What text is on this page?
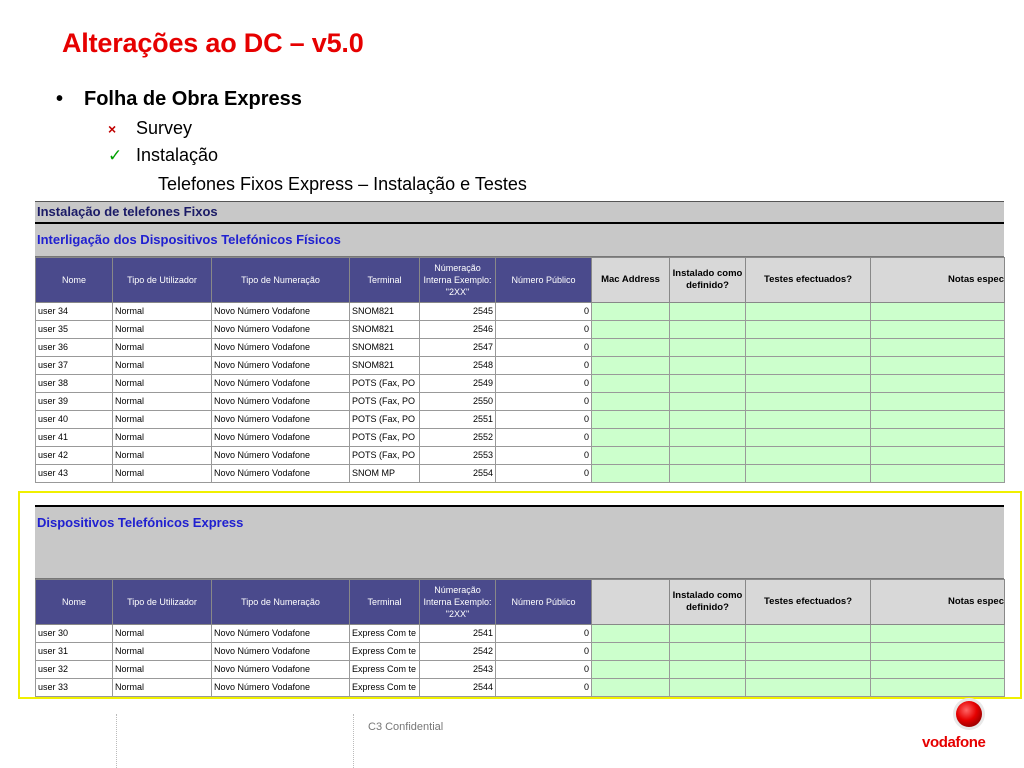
Alterações ao DC – v5.0
•	Folha de Obra Express
×	Survey
✓ Instalação
Telefones Fixos Express – Instalação e Testes
Instalação de telefones Fixos
Interligação dos Dispositivos Telefónicos Físicos
Nome	Tipo de Utilizador	Tipo de Numeração	Terminal	Númeração Interna Exemplo: "2XX"	Número Público	Mac Address	Instalado como definido?	Testes efectuados?	Notas espec
user 34	Normal	Novo Número Vodafone	SNOM821	2545	0				
user 35	Normal	Novo Número Vodafone	SNOM821	2546	0				
user 36	Normal	Novo Número Vodafone	SNOM821	2547	0				
user 37	Normal	Novo Número Vodafone	SNOM821	2548	0				
user 38	Normal	Novo Número Vodafone	POTS (Fax, PO	2549	0				
user 39	Normal	Novo Número Vodafone	POTS (Fax, PO	2550	0				
user 40	Normal	Novo Número Vodafone	POTS (Fax, PO	2551	0				
user 41	Normal	Novo Número Vodafone	POTS (Fax, PO	2552	0				
user 42	Normal	Novo Número Vodafone	POTS (Fax, PO	2553	0				
user 43	Normal	Novo Número Vodafone	SNOM MP	2554	0				
Dispositivos Telefónicos Express
Nome	Tipo de Utilizador	Tipo de Numeração	Terminal	Númeração Interna Exemplo: "2XX"	Número Público		Instalado como definido?	Testes efectuados?	Notas espec
user 30	Normal	Novo Número Vodafone	Express Com te	2541	0				
user 31	Normal	Novo Número Vodafone	Express Com te	2542	0				
user 32	Normal	Novo Número Vodafone	Express Com te	2543	0				
user 33	Normal	Novo Número Vodafone	Express Com te	2544	0				
C3 Confidential
vodafone
